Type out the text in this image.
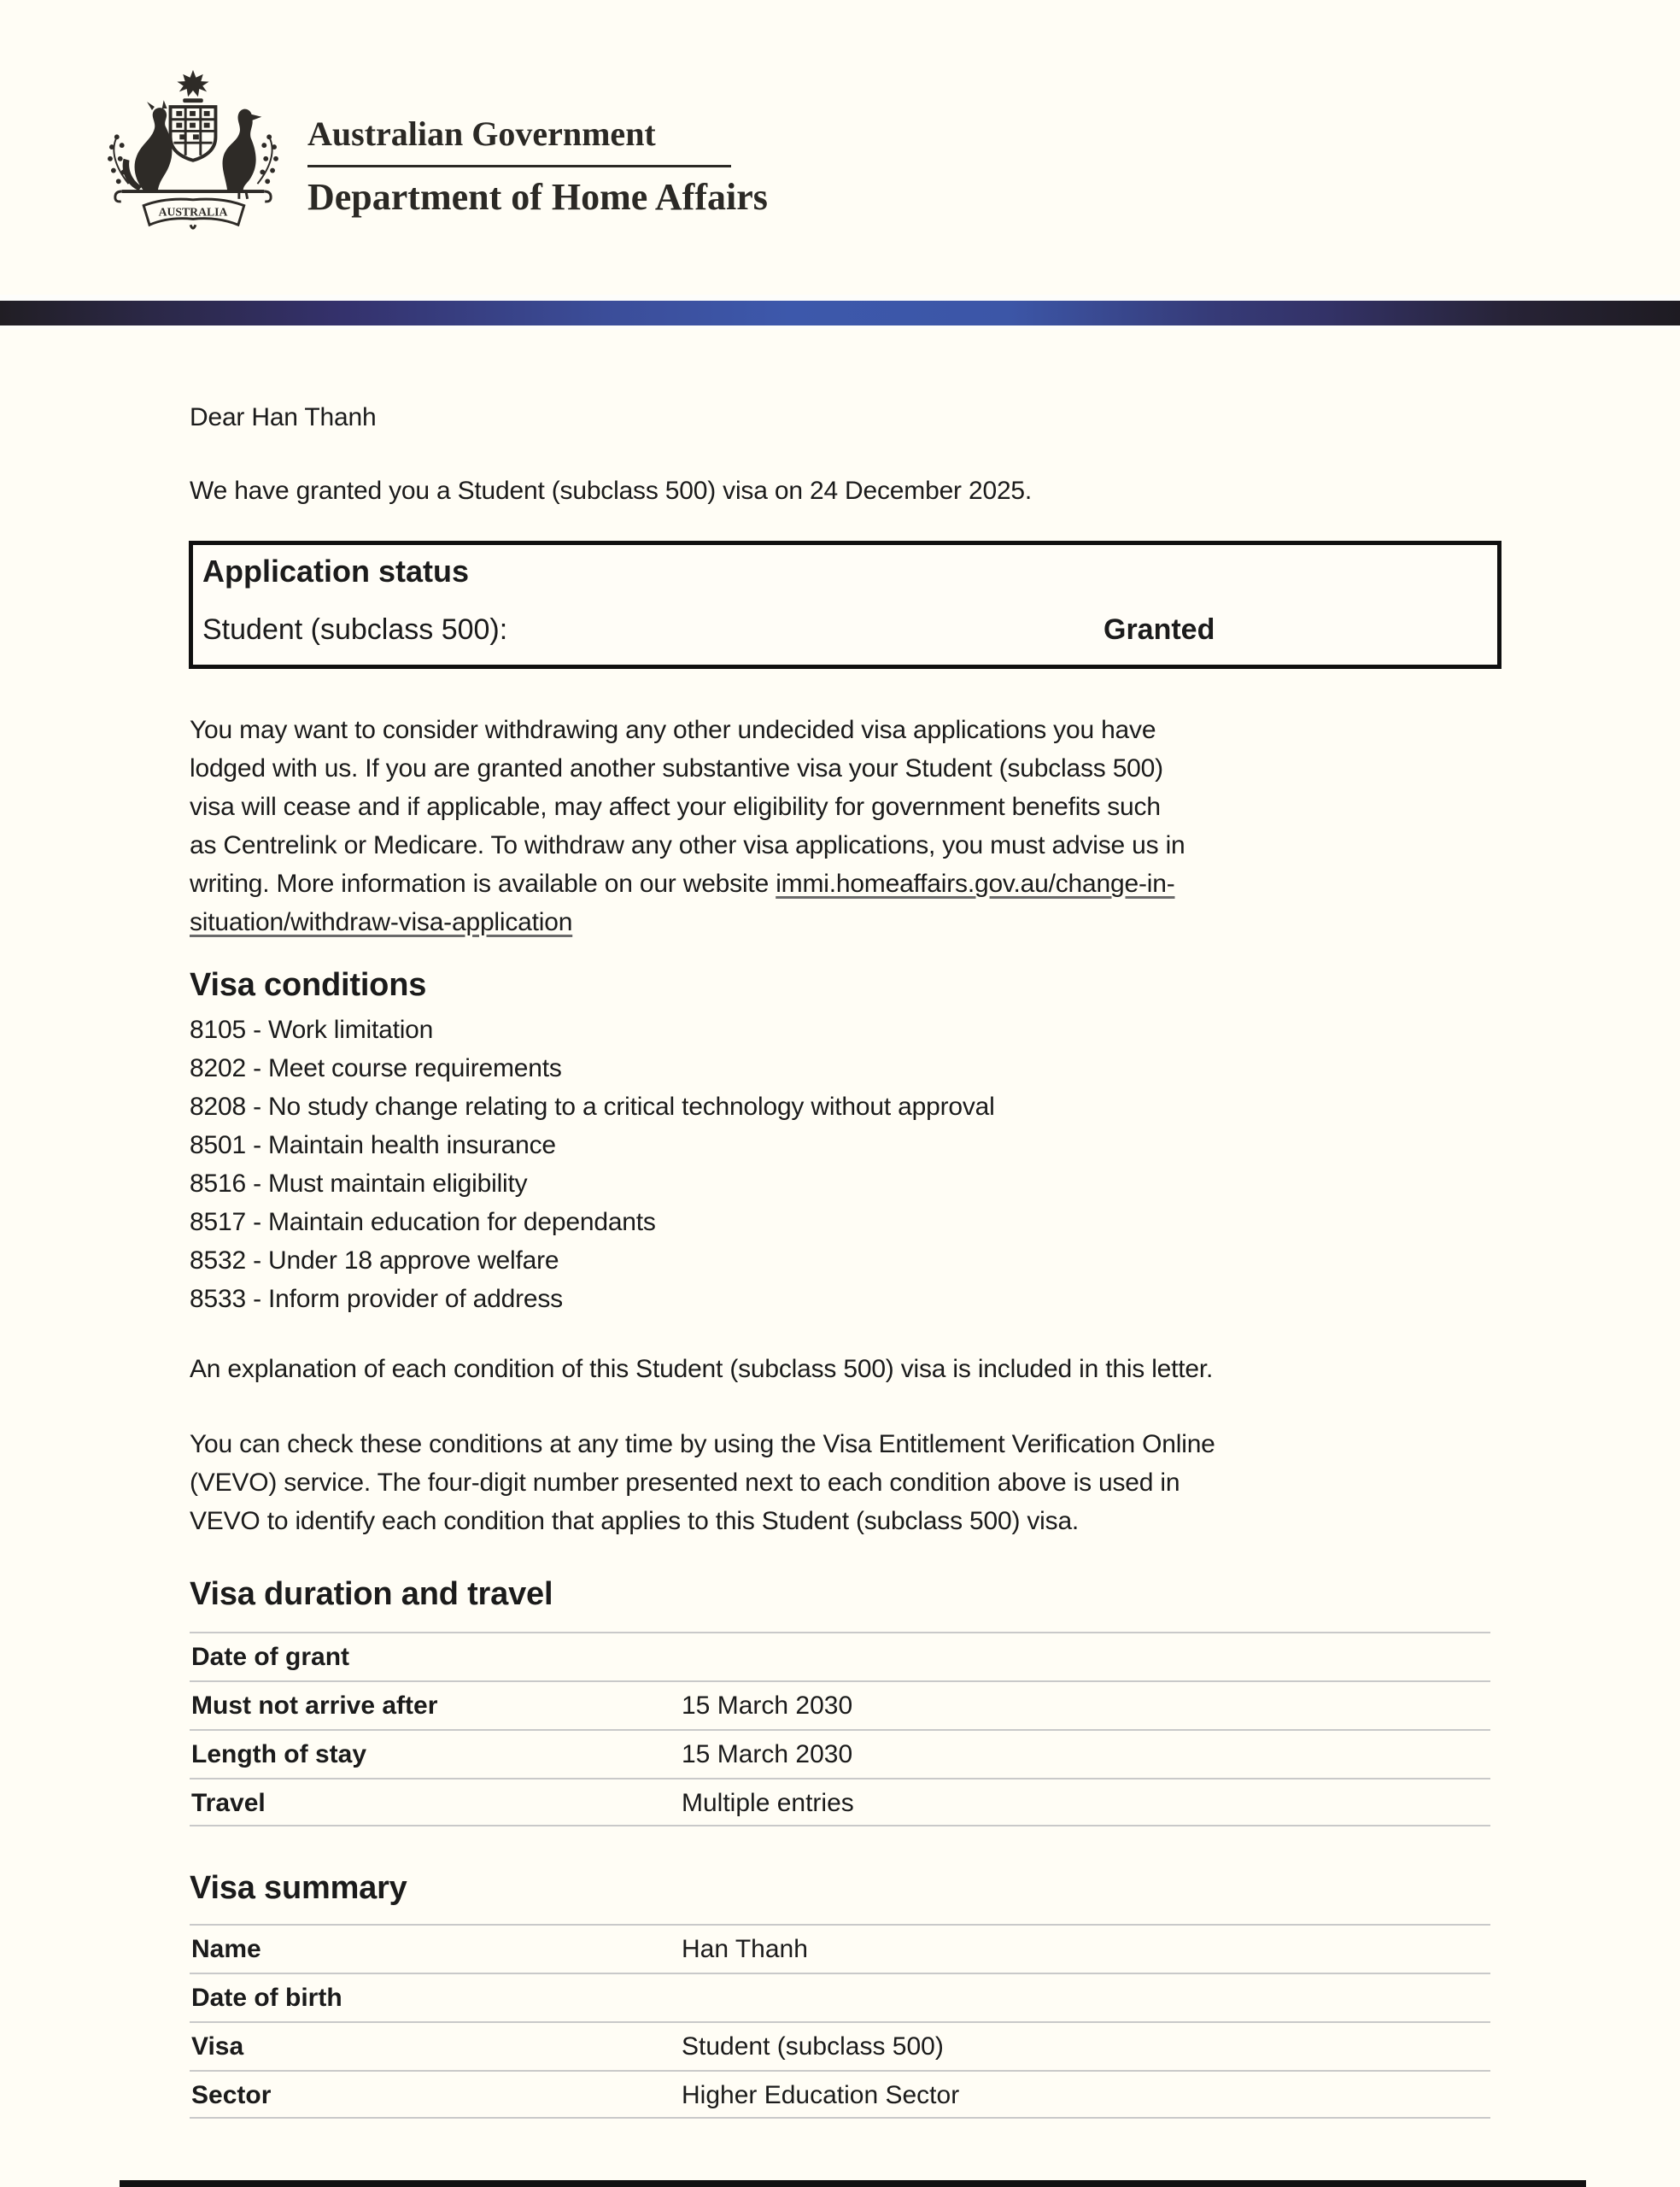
AUSTRALIA
Australian Government
Department of Home Affairs
Dear Han Thanh
We have granted you a Student (subclass 500) visa on 24 December 2025.
Application status
Student (subclass 500):	Granted
You may want to consider withdrawing any other undecided visa applications you have
lodged with us. If you are granted another substantive visa your Student (subclass 500)
visa will cease and if applicable, may affect your eligibility for government benefits such
as Centrelink or Medicare. To withdraw any other visa applications, you must advise us in
writing. More information is available on our website immi.homeaffairs.gov.au/change-in-
situation/withdraw-visa-application
Visa conditions
8105 - Work limitation
8202 - Meet course requirements
8208 - No study change relating to a critical technology without approval
8501 - Maintain health insurance
8516 - Must maintain eligibility
8517 - Maintain education for dependants
8532 - Under 18 approve welfare
8533 - Inform provider of address
An explanation of each condition of this Student (subclass 500) visa is included in this letter.
You can check these conditions at any time by using the Visa Entitlement Verification Online
(VEVO) service. The four-digit number presented next to each condition above is used in
VEVO to identify each condition that applies to this Student (subclass 500) visa.
Visa duration and travel
Date of grant
Must not arrive after	15 March 2030
Length of stay	15 March 2030
Travel	Multiple entries
Visa summary
Name	Han Thanh
Date of birth
Visa	Student (subclass 500)
Sector	Higher Education Sector
